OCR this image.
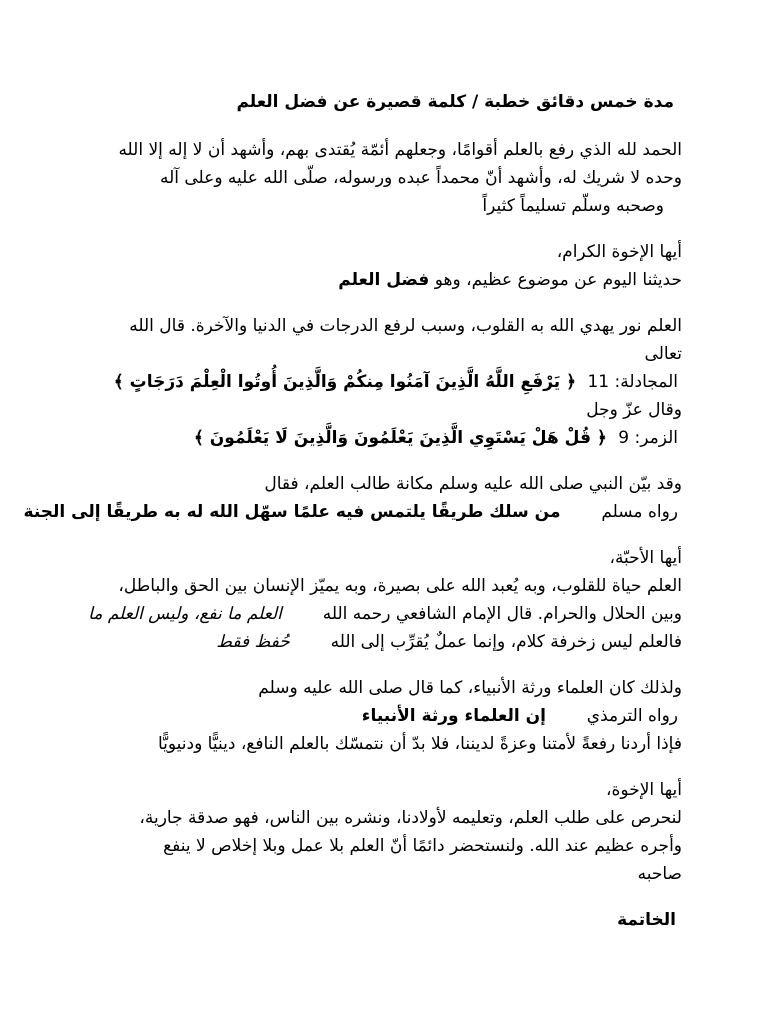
مدة خمس دقائق خطبة / كلمة قصيرة عن فضل العلم
الحمد لله الذي رفع بالعلم أقوامًا، وجعلهم أئمّة يُقتدى بهم، وأشهد أن لا إله إلا الله
وحده لا شريك له، وأشهد أنّ محمداً عبده ورسوله، صلّى الله عليه وعلى آله
وصحبه وسلّم تسليماً كثيراً
أيها الإخوة الكرام،
حديثنا اليوم عن موضوع عظيم، وهو فضل العلم
العلم نور يهدي الله به القلوب، وسبب لرفع الدرجات في الدنيا والآخرة. قال الله
تعالى
المجادلة: 11 ﴿ يَرْفَعِ اللَّهُ الَّذِينَ آمَنُوا مِنكُمْ وَالَّذِينَ أُوتُوا الْعِلْمَ دَرَجَاتٍ ﴾
وقال عزّ وجل
الزمر: 9 ﴿ قُلْ هَلْ يَسْتَوِي الَّذِينَ يَعْلَمُونَ وَالَّذِينَ لَا يَعْلَمُونَ ﴾
وقد بيّن النبي صلى الله عليه وسلم مكانة طالب العلم، فقال
رواه مسلم  من سلك طريقًا يلتمس فيه علمًا سهّل الله له به طريقًا إلى الجنة
أيها الأحبّة،
العلم حياة للقلوب، وبه يُعبد الله على بصيرة، وبه يميّز الإنسان بين الحق والباطل،
وبين الحلال والحرام. قال الإمام الشافعي رحمه الله  العلم ما نفع، وليس العلم ما
فالعلم ليس زخرفة كلام، وإنما عملٌ يُقرِّب إلى الله  حُفظ فقط
ولذلك كان العلماء ورثة الأنبياء، كما قال صلى الله عليه وسلم
رواه الترمذي  إن العلماء ورثة الأنبياء
فإذا أردنا رفعةً لأمتنا وعزةً لديننا، فلا بدّ أن نتمسّك بالعلم النافع، دينيًّا ودنيويًّا
أيها الإخوة،
لنحرص على طلب العلم، وتعليمه لأولادنا، ونشره بين الناس، فهو صدقة جارية،
وأجره عظيم عند الله. ولنستحضر دائمًا أنّ العلم بلا عمل وبلا إخلاص لا ينفع
صاحبه
الخاتمة
